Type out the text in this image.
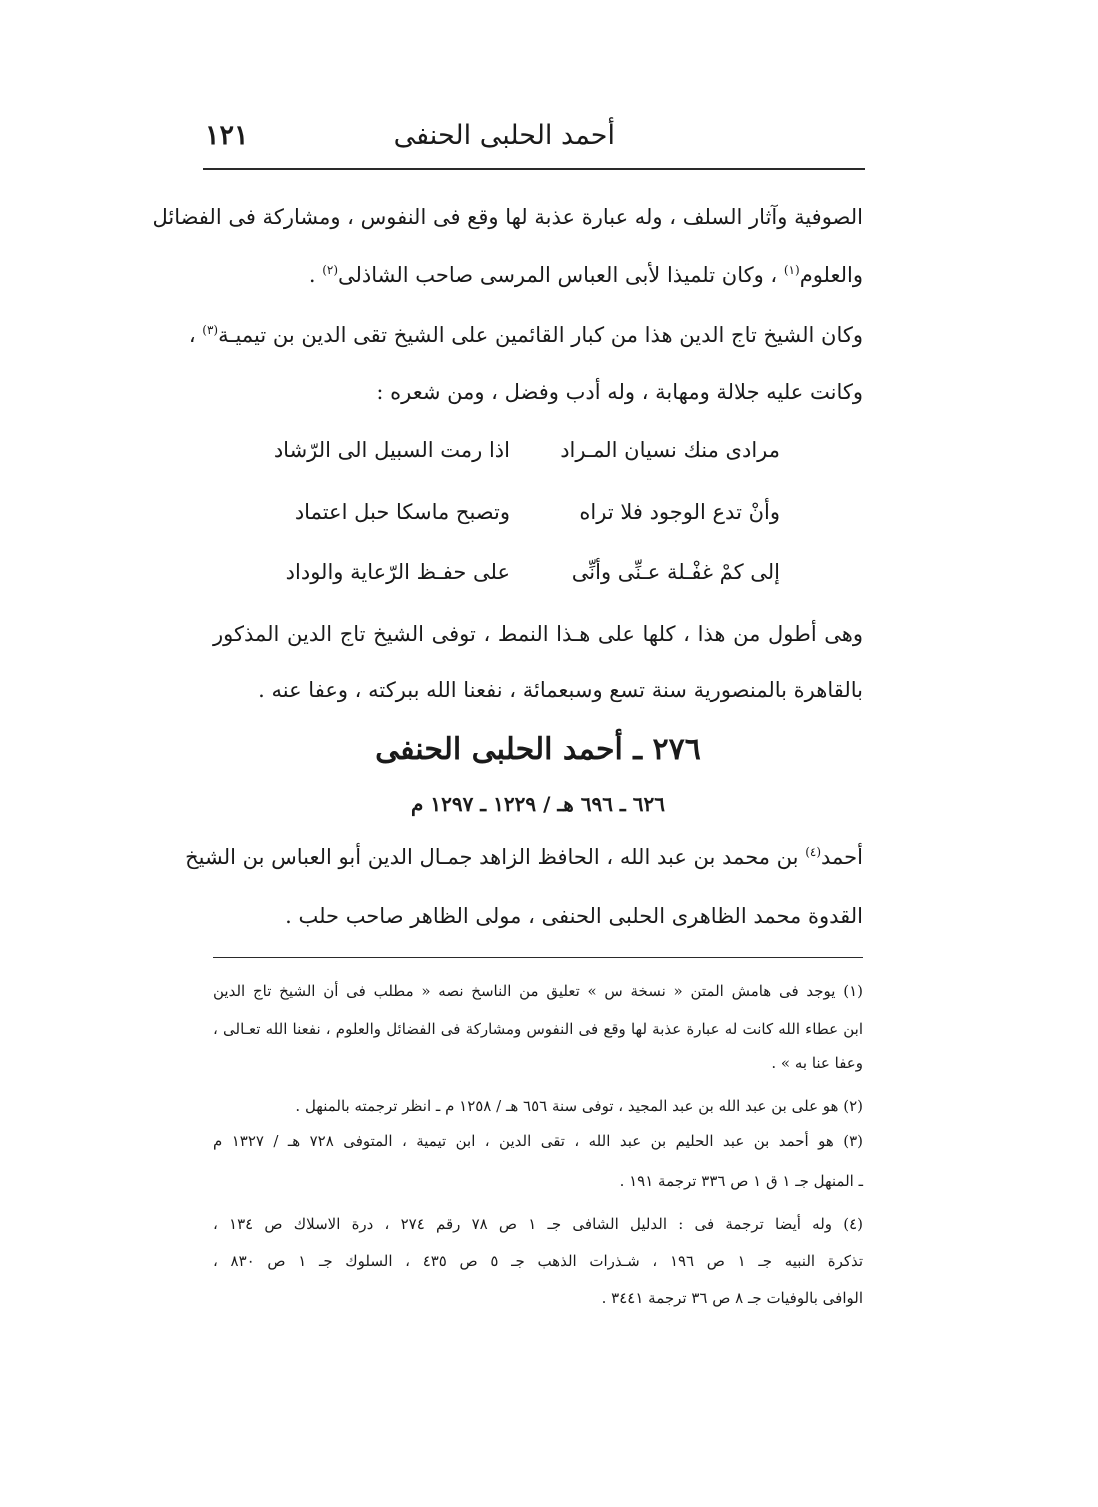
أحمد الحلبى الحنفى
١٢١
الصوفية وآثار السلف ، وله عبارة عذبة لها وقع فى النفوس ، ومشاركة فى الفضائل
والعلوم$^{(١)}$ ، وكان تلميذا لأبى العباس المرسى صاحب الشاذلى$^{(٢)}$ .
وكان الشيخ تاج الدين هذا من كبار القائمين على الشيخ تقى الدين بن تيميـة$^{(٣)}$ ،
وكانت عليه جلالة ومهابة ، وله أدب وفضل ، ومن شعره :
مرادى منك نسيان المـراد
اذا رمت السبيل الى الرّشاد
وأنْ تدع الوجود فلا تراه
وتصبح ماسكا حبل اعتماد
إلى كمْ غفْـلة عـنِّى وأنِّى
على حفـظ الرّعاية والوداد
وهى أطول من هذا ، كلها على هـذا النمط ، توفى الشيخ تاج الدين المذكور
بالقاهرة بالمنصورية سنة تسع وسبعمائة ، نفعنا الله ببركته ، وعفا عنه .
٢٧٦ ـ أحمد الحلبى الحنفى
٦٢٦ ـ ٦٩٦ هـ / ١٢٢٩ ـ ١٢٩٧ م
أحمد$^{(٤)}$ بن محمد بن عبد الله ، الحافظ الزاهد جمـال الدين أبو العباس بن الشيخ
القدوة محمد الظاهرى الحلبى الحنفى ، مولى الظاهر صاحب حلب .
(١) يوجد فى هامش المتن « نسخة س » تعليق من الناسخ نصه « مطلب فى أن الشيخ تاج الدين
ابن عطاء الله كانت له عبارة عذبة لها وقع فى النفوس ومشاركة فى الفضائل والعلوم ، نفعنا الله تعـالى ،
وعفا عنا به » .
(٢) هو على بن عبد الله بن عبد المجيد ، توفى سنة ٦٥٦ هـ / ١٢٥٨ م ـ انظر ترجمته بالمنهل .
(٣) هو أحمد بن عبد الحليم بن عبد الله ، تقى الدين ، ابن تيمية ، المتوفى ٧٢٨ هـ / ١٣٢٧ م
ـ المنهل جـ ١ ق ١ ص ٣٣٦ ترجمة ١٩١ .
(٤) وله أيضا ترجمة فى : الدليل الشافى جـ ١ ص ٧٨ رقم ٢٧٤ ، درة الاسلاك ص ١٣٤ ،
تذكرة النبيه جـ ١ ص ١٩٦ ، شـذرات الذهب جـ ٥ ص ٤٣٥ ، السلوك جـ ١ ص ٨٣٠ ،
الوافى بالوفيات جـ ٨ ص ٣٦ ترجمة ٣٤٤١ .
